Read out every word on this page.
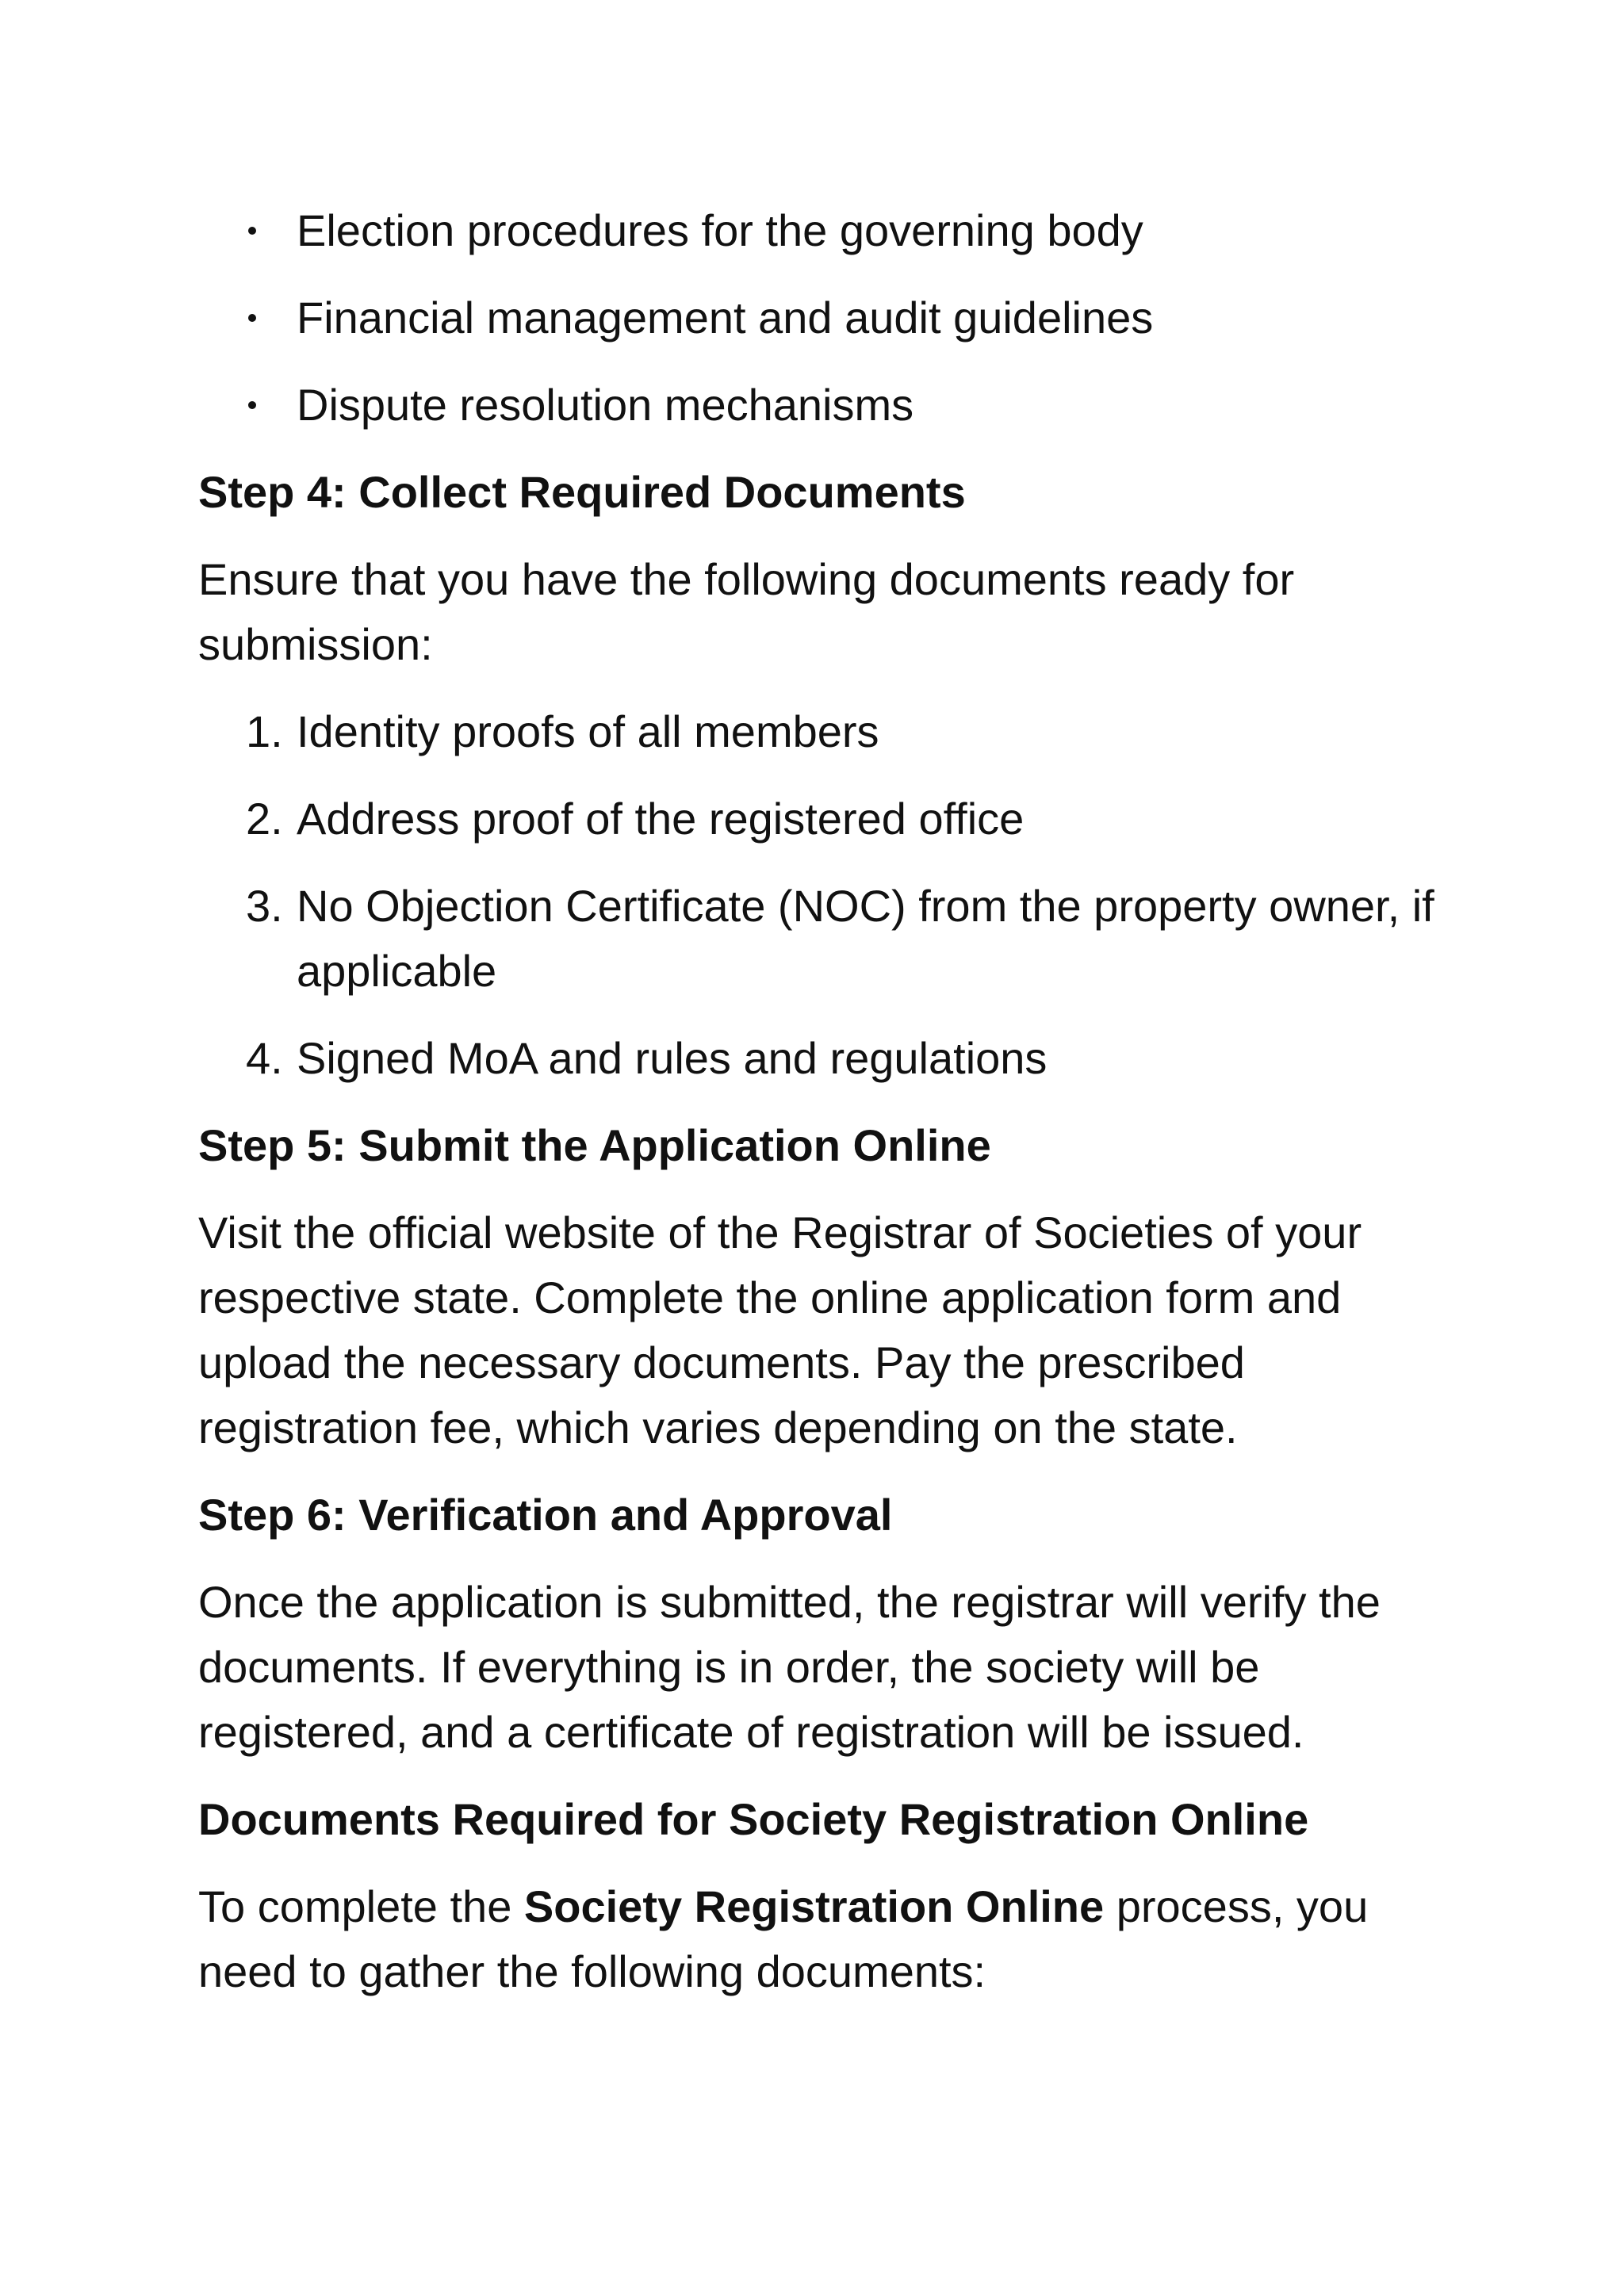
Election procedures for the governing body
Financial management and audit guidelines
Dispute resolution mechanisms
Step 4: Collect Required Documents

Ensure that you have the following documents ready for submission:

1. Identity proofs of all members
2. Address proof of the registered office
3. No Objection Certificate (NOC) from the property owner, if applicable
4. Signed MoA and rules and regulations
Step 5: Submit the Application Online

Visit the official website of the Registrar of Societies of your respective state. Complete the online application form and upload the necessary documents. Pay the prescribed registration fee, which varies depending on the state.

Step 6: Verification and Approval

Once the application is submitted, the registrar will verify the documents. If everything is in order, the society will be registered, and a certificate of registration will be issued.

Documents Required for Society Registration Online

To complete the Society Registration Online process, you need to gather the following documents:
